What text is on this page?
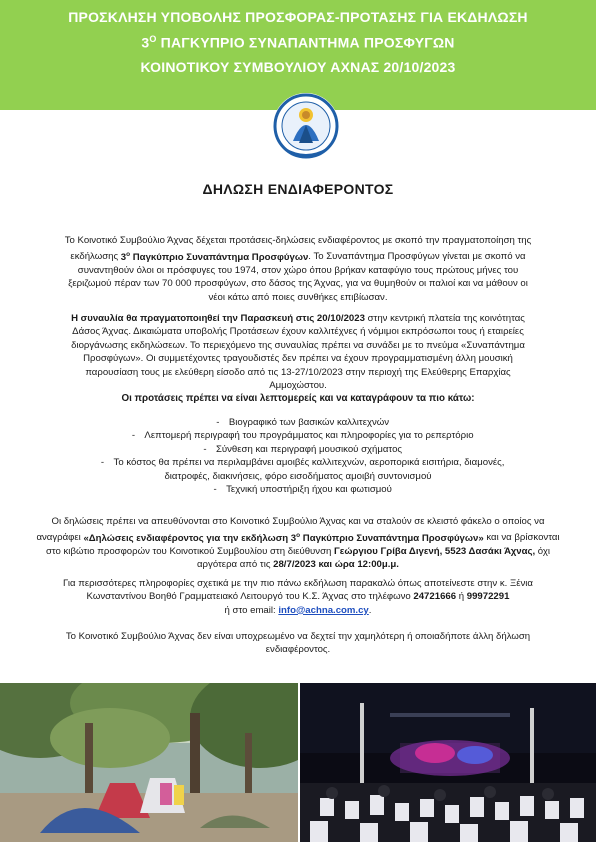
ΠΡΟΣΚΛΗΣΗ ΥΠΟΒΟΛΗΣ ΠΡΟΣΦΟΡΑΣ-ΠΡΟΤΑΣΗΣ ΓΙΑ ΕΚΔΗΛΩΣΗ
$3^O$ ΠΑΓΚΥΠΡΙΟ ΣΥΝΑΠΑΝΤΗΜΑ ΠΡΟΣΦΥΓΩΝ
ΚΟΙΝΟΤΙΚΟΥ ΣΥΜΒΟΥΛΙΟΥ ΑΧΝΑΣ 20/10/2023
ΔΗΛΩΣΗ ΕΝΔΙΑΦΕΡΟΝΤΟΣ
Το Κοινοτικό Συμβούλιο Άχνας δέχεται προτάσεις-δηλώσεις ενδιαφέροντος με σκοπό την πραγματοποίηση της εκδήλωσης $3^o$ Παγκύπριο Συναπάντημα Προσφύγων. Το Συναπάντημα Προσφύγων γίνεται με σκοπό να συναντηθούν όλοι οι πρόσφυγες του 1974, στον χώρο όπου βρήκαν καταφύγιο τους πρώτους μήνες του ξεριζωμού πέραν των 70 000 προσφύγων, στο δάσος της Άχνας, για να θυμηθούν οι παλιοί και να μάθουν οι νέοι κάτω από ποιες συνθήκες επιβίωσαν.
Η συναυλία θα πραγματοποιηθεί την Παρασκευή στις 20/10/2023 στην κεντρική πλατεία της κοινότητας Δάσος Άχνας. Δικαιώματα υποβολής Προτάσεων έχουν καλλιτέχνες ή νόμιμοι εκπρόσωποι τους ή εταιρείες διοργάνωσης εκδηλώσεων. Το περιεχόμενο της συναυλίας πρέπει να συνάδει με το πνεύμα «Συναπάντημα Προσφύγων». Οι συμμετέχοντες τραγουδιστές δεν πρέπει να έχουν προγραμματισμένη άλλη μουσική παρουσίαση τους με ελεύθερη είσοδο από τις 13-27/10/2023 στην περιοχή της Ελεύθερης Επαρχίας Αμμοχώστου.
Οι προτάσεις πρέπει να είναι λεπτομερείς και να καταγράφουν τα πιο κάτω:
- Βιογραφικό των βασικών καλλιτεχνών
- Λεπτομερή περιγραφή του προγράμματος και πληροφορίες για το ρεπερτόριο
- Σύνθεση και περιγραφή μουσικού σχήματος
- Το κόστος θα πρέπει να περιλαμβάνει αμοιβές καλλιτεχνών, αεροπορικά εισιτήρια, διαμονές,
διατροφές, διακινήσεις, φόρο εισοδήματος αμοιβή συντονισμού
- Τεχνική υποστήριξη ήχου και φωτισμού
Οι δηλώσεις πρέπει να απευθύνονται στο Κοινοτικό Συμβούλιο Άχνας και να σταλούν σε κλειστό φάκελο ο οποίος να αναγράφει «Δηλώσεις ενδιαφέροντος για την εκδήλωση $3^o$ Παγκύπριο Συναπάντημα Προσφύγων» και να βρίσκονται στο κιβώτιο προσφορών του Κοινοτικού Συμβουλίου στη διεύθυνση Γεώργιου Γρίβα Διγενή, 5523 Δασάκι Άχνας, όχι αργότερα από τις 28/7/2023 και ώρα 12:00μ.μ.
Για περισσότερες πληροφορίες σχετικά με την πιο πάνω εκδήλωση παρακαλώ όπως αποτείνεστε στην κ. Ξένια Κωνσταντίνου Βοηθό Γραμματειακό Λειτουργό του Κ.Σ. Άχνας στο τηλέφωνο 24721666 ή 99972291
ή στο email: info@achna.com.cy.
Το Κοινοτικό Συμβούλιο Άχνας δεν είναι υποχρεωμένο να δεχτεί την χαμηλότερη ή οποιαδήποτε άλλη δήλωση ενδιαφέροντος.
